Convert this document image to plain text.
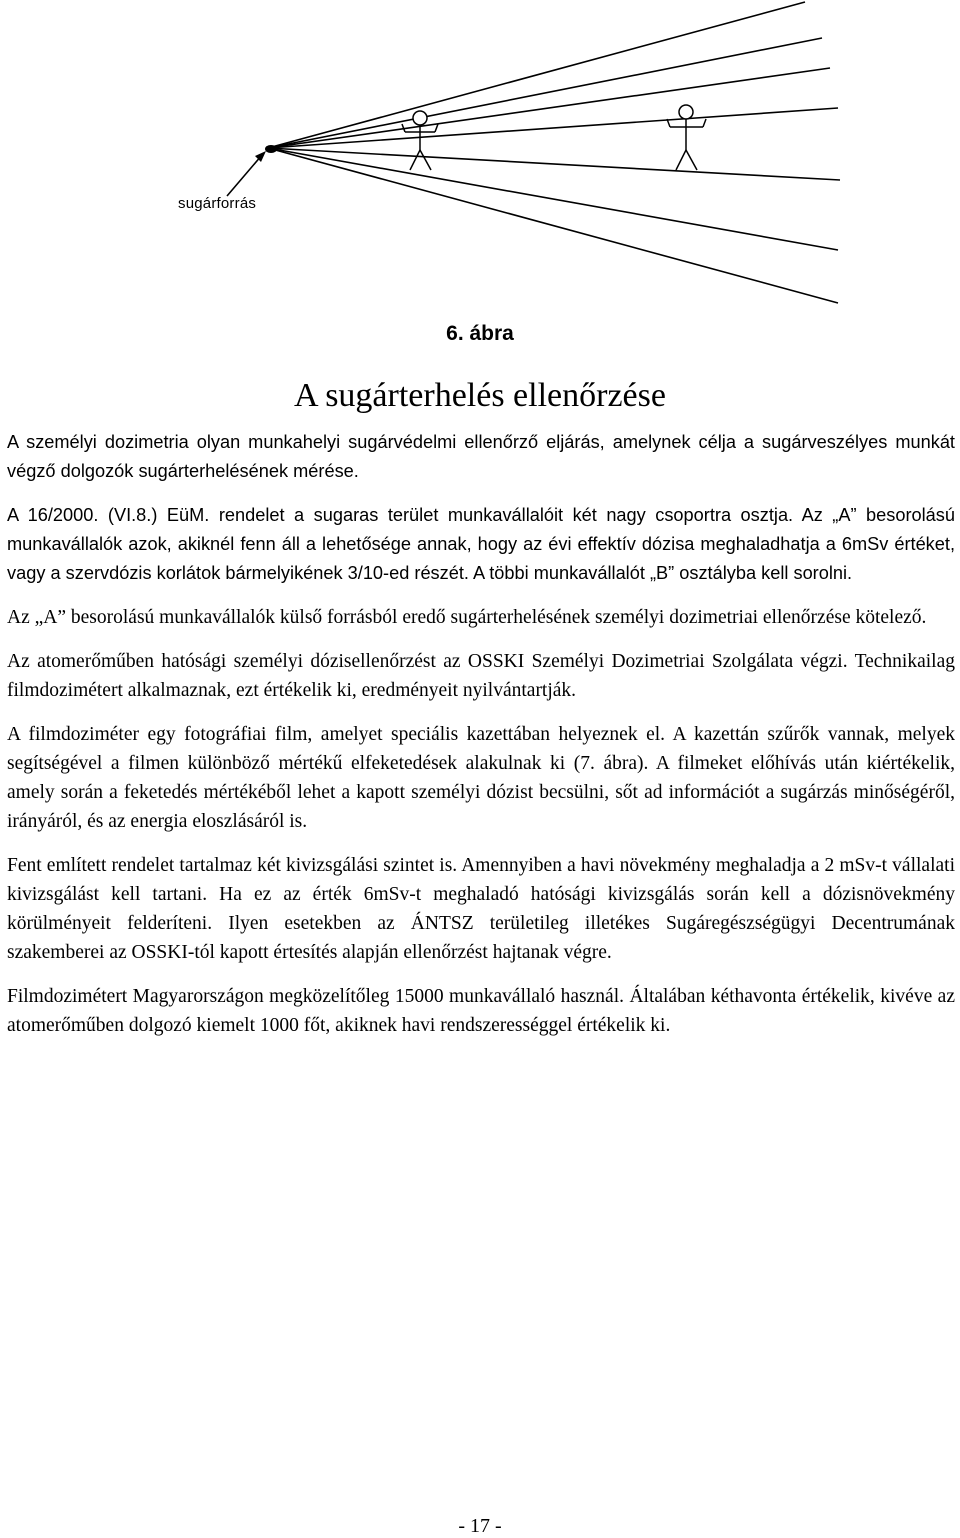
sugárforrás
6. ábra
A sugárterhelés ellenőrzése

A személyi dozimetria olyan munkahelyi sugárvédelmi ellenőrző eljárás, amelynek célja a sugárveszélyes munkát végző dolgozók sugárterhelésének mérése.

A 16/2000. (VI.8.) EüM. rendelet a sugaras terület munkavállalóit két nagy csoportra osztja. Az „A” besorolású munkavállalók azok, akiknél fenn áll a lehetősége annak, hogy az évi effektív dózisa meghaladhatja a 6mSv értéket, vagy a szervdózis korlátok bármelyikének 3/10-ed részét. A többi munkavállalót „B” osztályba kell sorolni.

Az „A” besorolású munkavállalók külső forrásból eredő sugárterhelésének személyi dozimetriai ellenőrzése kötelező.

Az atomerőműben hatósági személyi dózisellenőrzést az OSSKI Személyi Dozimetriai Szolgálata végzi. Technikailag filmdozimétert alkalmaznak, ezt értékelik ki, eredményeit nyilvántartják.

A filmdoziméter egy fotográfiai film, amelyet speciális kazettában helyeznek el. A kazettán szűrők vannak, melyek segítségével a filmen különböző mértékű elfeketedések alakulnak ki (7. ábra). A filmeket előhívás után kiértékelik, amely során a feketedés mértékéből lehet a kapott személyi dózist becsülni, sőt ad információt a sugárzás minőségéről, irányáról, és az energia eloszlásáról is.

Fent említett rendelet tartalmaz két kivizsgálási szintet is. Amennyiben a havi növekmény meghaladja a 2 mSv-t vállalati kivizsgálást kell tartani. Ha ez az érték 6mSv-t meghaladó hatósági kivizsgálás során kell a dózisnövekmény körülményeit felderíteni. Ilyen esetekben az ÁNTSZ területileg illetékes Sugáregészségügyi Decentrumának szakemberei az OSSKI-tól kapott értesítés alapján ellenőrzést hajtanak végre.

Filmdozimétert Magyarországon megközelítőleg 15000 munkavállaló használ. Általában kéthavonta értékelik, kivéve az atomerőműben dolgozó kiemelt 1000 főt, akiknek havi rendszerességgel értékelik ki.

- 17 -
